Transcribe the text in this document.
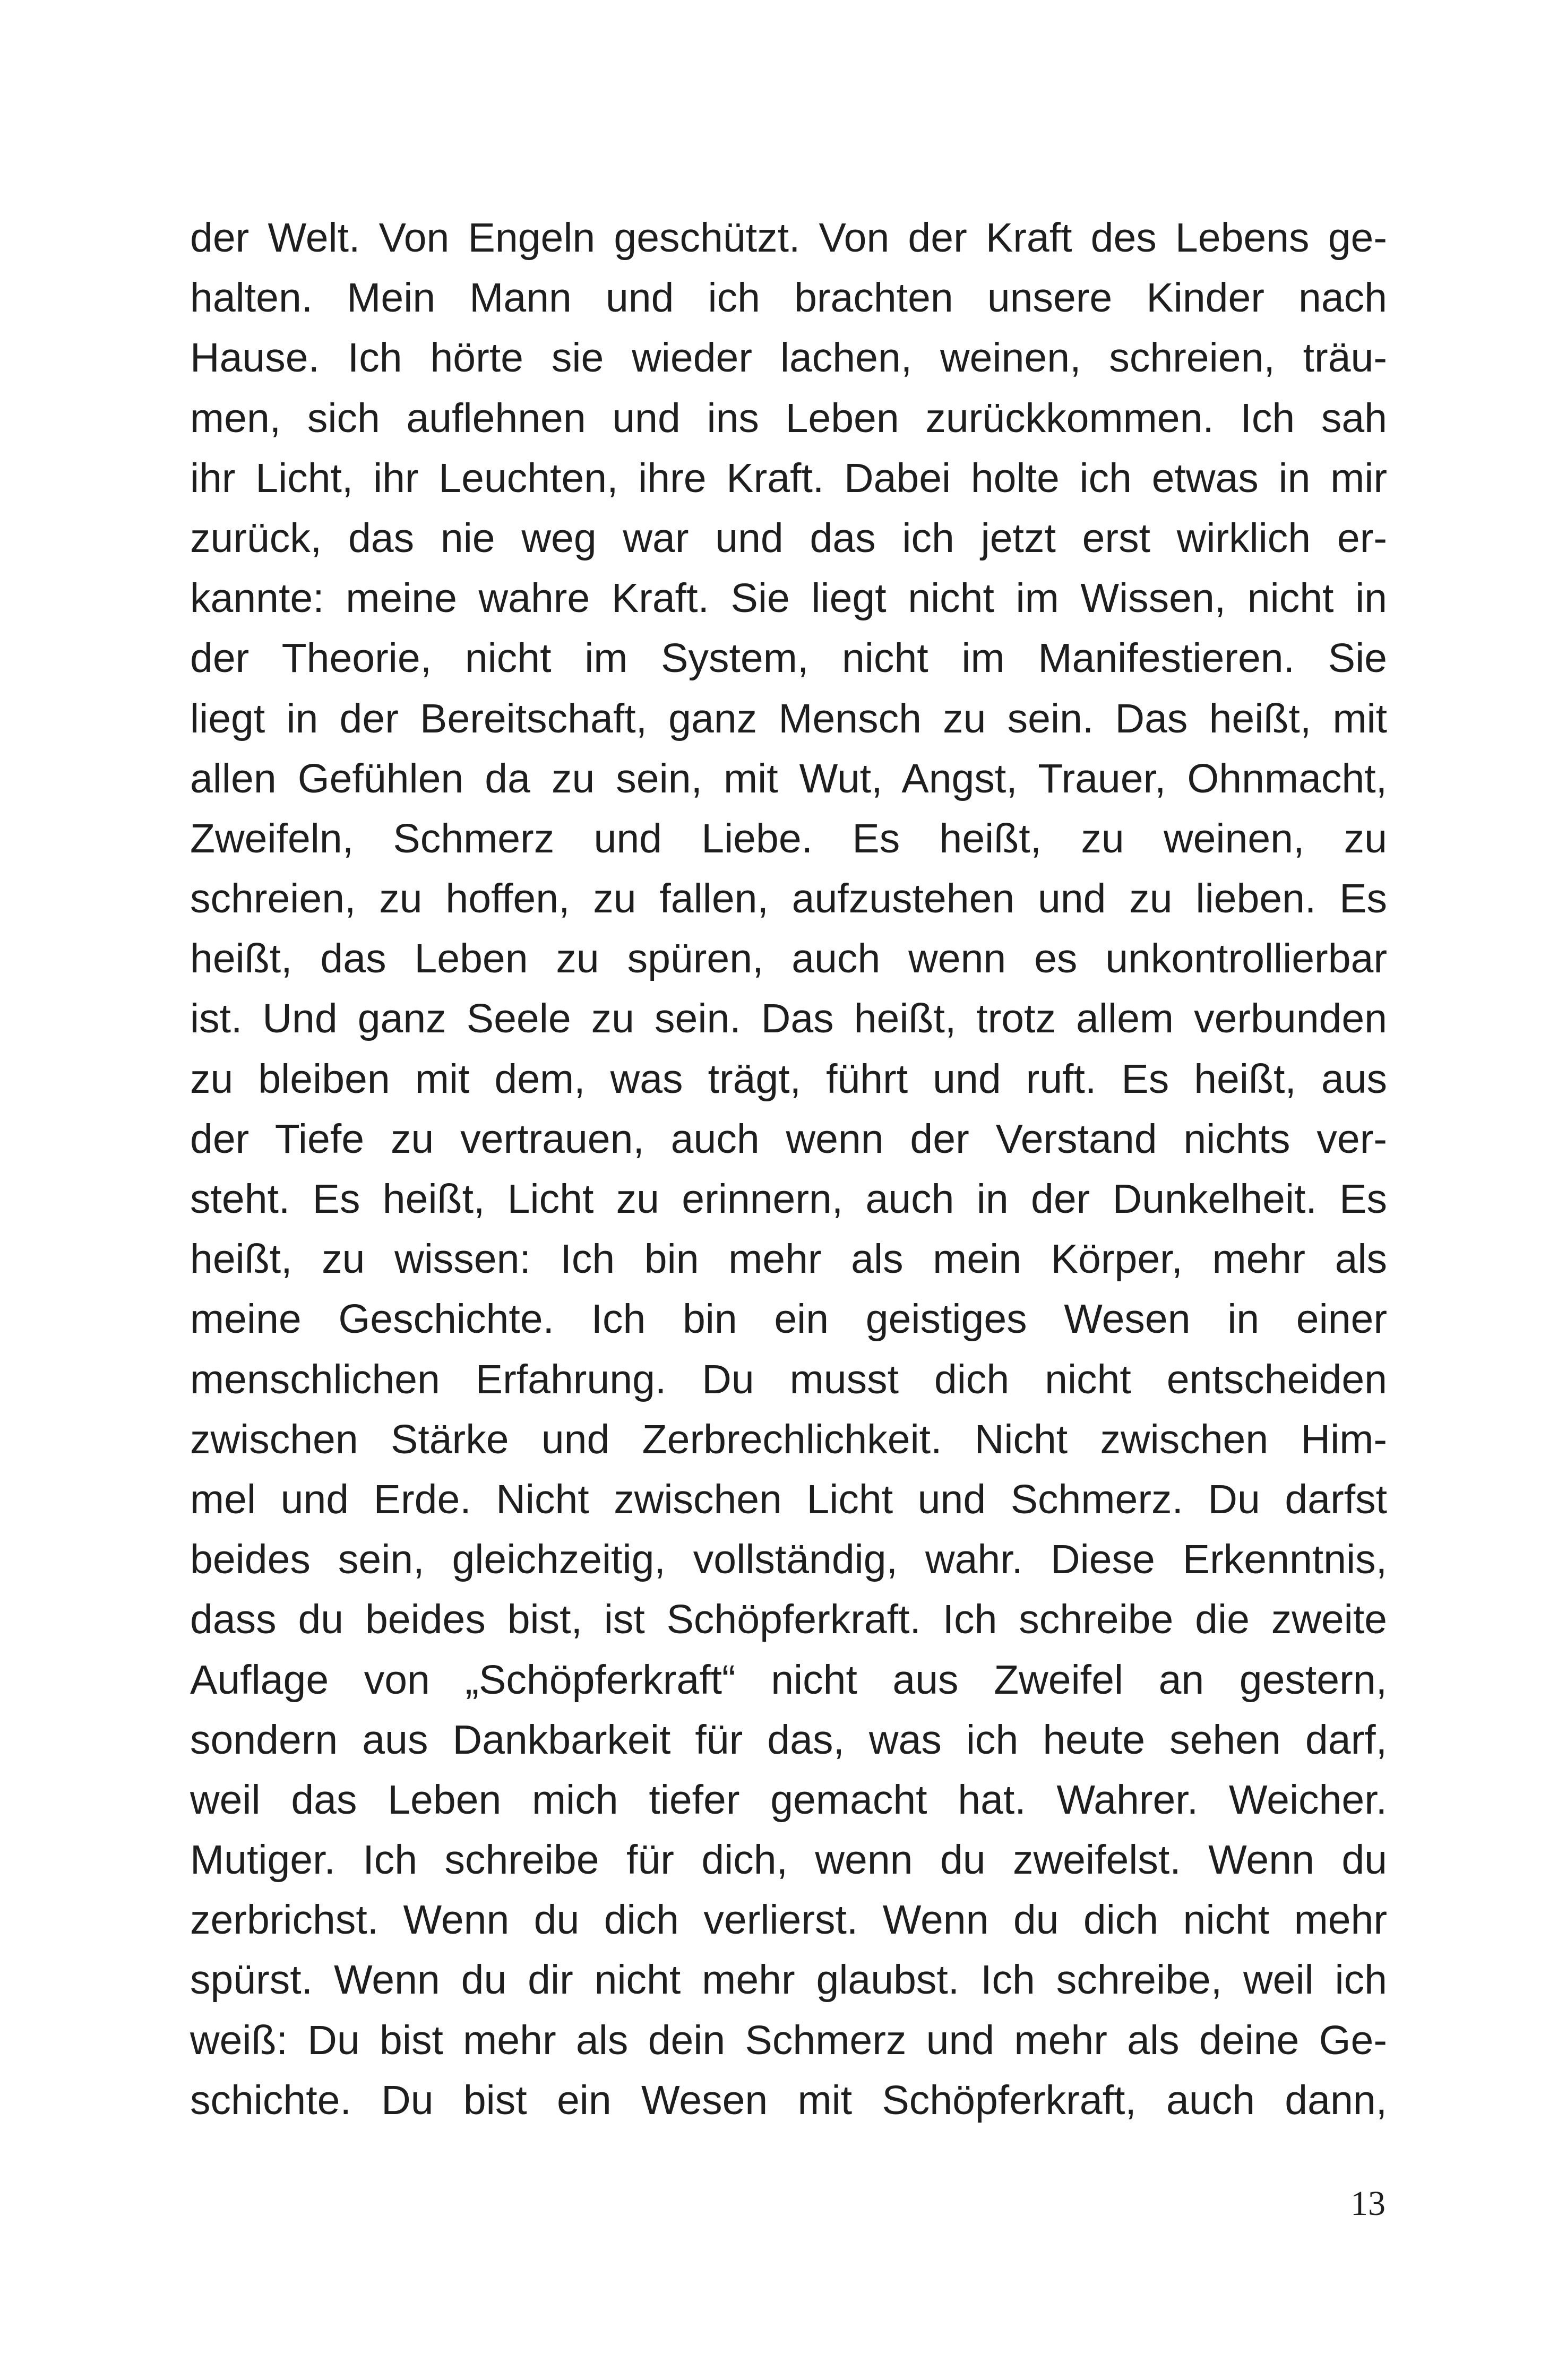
der Welt. Von Engeln geschützt. Von der Kraft des Lebens ge-
halten. Mein Mann und ich brachten unsere Kinder nach
Hause. Ich hörte sie wieder lachen, weinen, schreien, träu-
men, sich auflehnen und ins Leben zurückkommen. Ich sah
ihr Licht, ihr Leuchten, ihre Kraft. Dabei holte ich etwas in mir
zurück, das nie weg war und das ich jetzt erst wirklich er-
kannte: meine wahre Kraft. Sie liegt nicht im Wissen, nicht in
der Theorie, nicht im System, nicht im Manifestieren. Sie
liegt in der Bereitschaft, ganz Mensch zu sein. Das heißt, mit
allen Gefühlen da zu sein, mit Wut, Angst, Trauer, Ohnmacht,
Zweifeln, Schmerz und Liebe. Es heißt, zu weinen, zu
schreien, zu hoffen, zu fallen, aufzustehen und zu lieben. Es
heißt, das Leben zu spüren, auch wenn es unkontrollierbar
ist. Und ganz Seele zu sein. Das heißt, trotz allem verbunden
zu bleiben mit dem, was trägt, führt und ruft. Es heißt, aus
der Tiefe zu vertrauen, auch wenn der Verstand nichts ver-
steht. Es heißt, Licht zu erinnern, auch in der Dunkelheit. Es
heißt, zu wissen: Ich bin mehr als mein Körper, mehr als
meine Geschichte. Ich bin ein geistiges Wesen in einer
menschlichen Erfahrung. Du musst dich nicht entscheiden
zwischen Stärke und Zerbrechlichkeit. Nicht zwischen Him-
mel und Erde. Nicht zwischen Licht und Schmerz. Du darfst
beides sein, gleichzeitig, vollständig, wahr. Diese Erkenntnis,
dass du beides bist, ist Schöpferkraft. Ich schreibe die zweite
Auflage von „Schöpferkraft“ nicht aus Zweifel an gestern,
sondern aus Dankbarkeit für das, was ich heute sehen darf,
weil das Leben mich tiefer gemacht hat. Wahrer. Weicher.
Mutiger. Ich schreibe für dich, wenn du zweifelst. Wenn du
zerbrichst. Wenn du dich verlierst. Wenn du dich nicht mehr
spürst. Wenn du dir nicht mehr glaubst. Ich schreibe, weil ich
weiß: Du bist mehr als dein Schmerz und mehr als deine Ge-
schichte. Du bist ein Wesen mit Schöpferkraft, auch dann,
13
